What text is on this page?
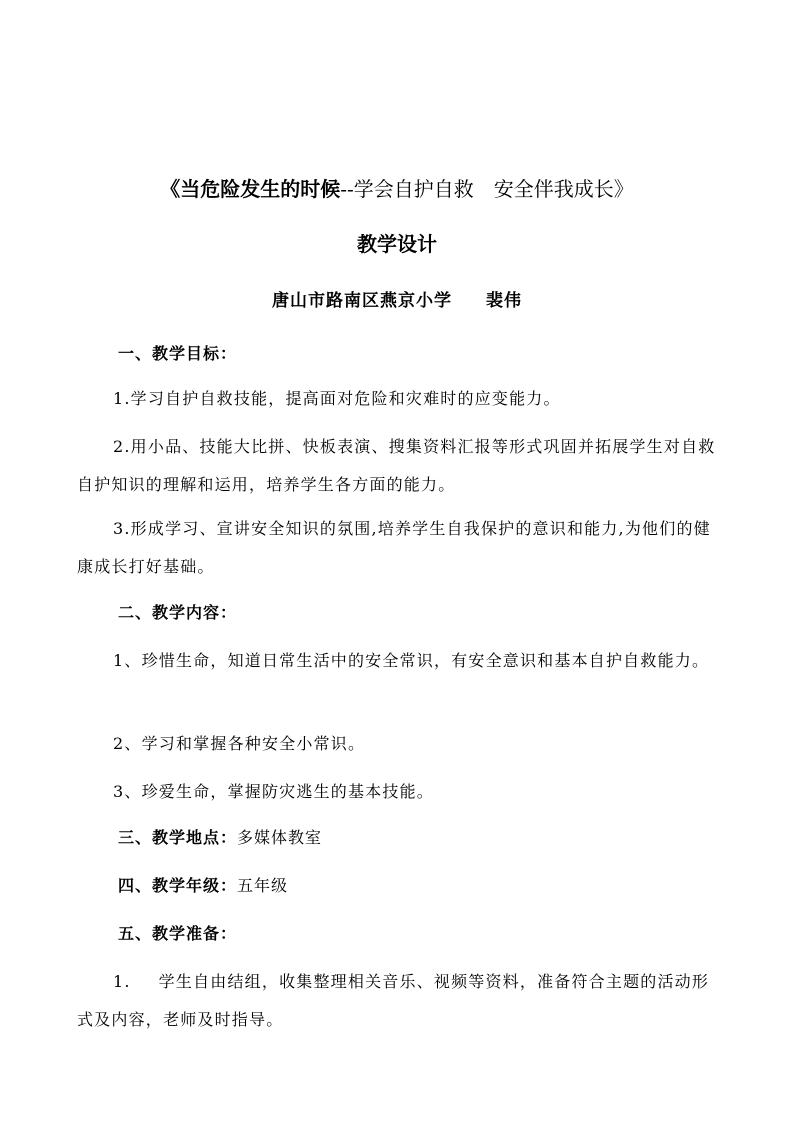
《当危险发生的时候--学会自护自救　安全伴我成长》
教学设计
唐山市路南区燕京小学 裴伟
一、教学目标：
1.学习自护自救技能，提高面对危险和灾难时的应变能力。
2.用小品、技能大比拼、快板表演、搜集资料汇报等形式巩固并拓展学生对自救自护知识的理解和运用，培养学生各方面的能力。
3.形成学习、宣讲安全知识的氛围,培养学生自我保护的意识和能力,为他们的健康成长打好基础。
二、教学内容：
1、珍惜生命，知道日常生活中的安全常识，有安全意识和基本自护自救能力。
2、学习和掌握各种安全小常识。
3、珍爱生命，掌握防灾逃生的基本技能。
三、教学地点：多媒体教室
四、教学年级：五年级
五、教学准备：
1. 学生自由结组，收集整理相关音乐、视频等资料，准备符合主题的活动形式及内容，老师及时指导。
